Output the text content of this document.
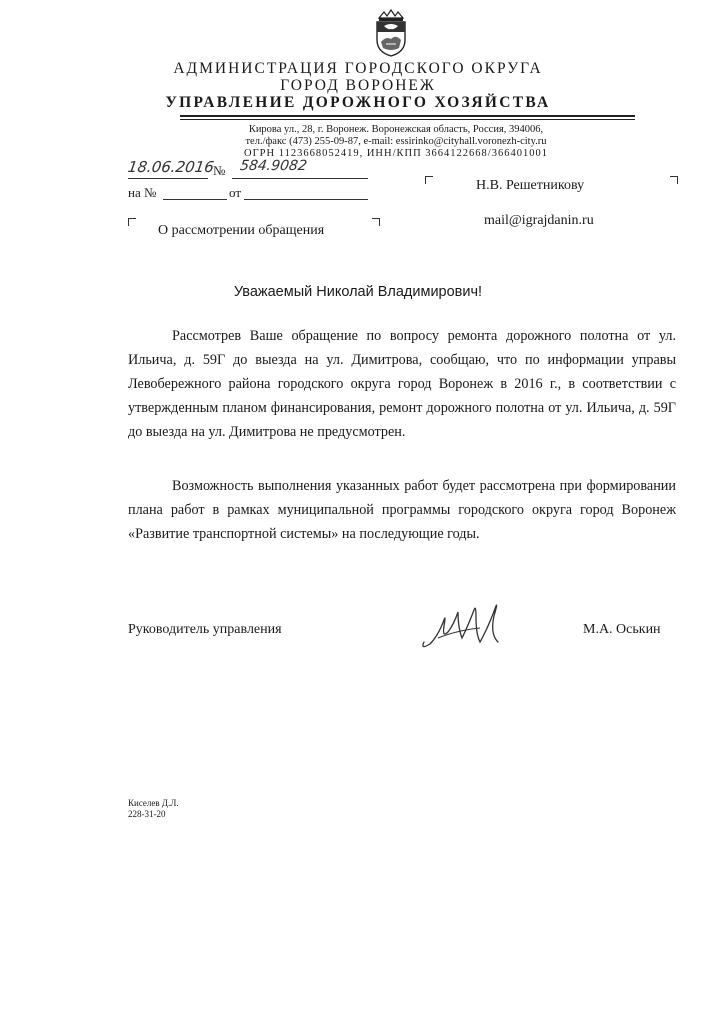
АДМИНИСТРАЦИЯ ГОРОДСКОГО ОКРУГА
ГОРОД ВОРОНЕЖ
УПРАВЛЕНИЕ ДОРОЖНОГО ХОЗЯЙСТВА
Кирова ул., 28, г. Воронеж. Воронежская область, Россия, 394006,
тел./факс (473) 255-09-87, e-mail: essirinko@cityhall.voronezh-city.ru
ОГРН 1123668052419, ИНН/КПП 3664122668/366401001
18.06.2016
№ 584.9082
на №	от
О рассмотрении обращения
Н.В. Решетникову
mail@igrajdanin.ru
Уважаемый Николай Владимирович!

Рассмотрев Ваше обращение по вопросу ремонта дорожного полотна от ул. Ильича, д. 59Г до выезда на ул. Димитрова, сообщаю, что по информации управы Левобережного района городского округа город Воронеж в 2016 г., в соответствии с утвержденным планом финансирования, ремонт дорожного полотна от ул. Ильича, д. 59Г до выезда на ул. Димитрова не предусмотрен.

Возможность выполнения указанных работ будет рассмотрена при формировании плана работ в рамках муниципальной программы городского округа город Воронеж «Развитие транспортной системы» на последующие годы.

Руководитель управления	М.А. Оськин
Киселев Д.Л.
228-31-20
